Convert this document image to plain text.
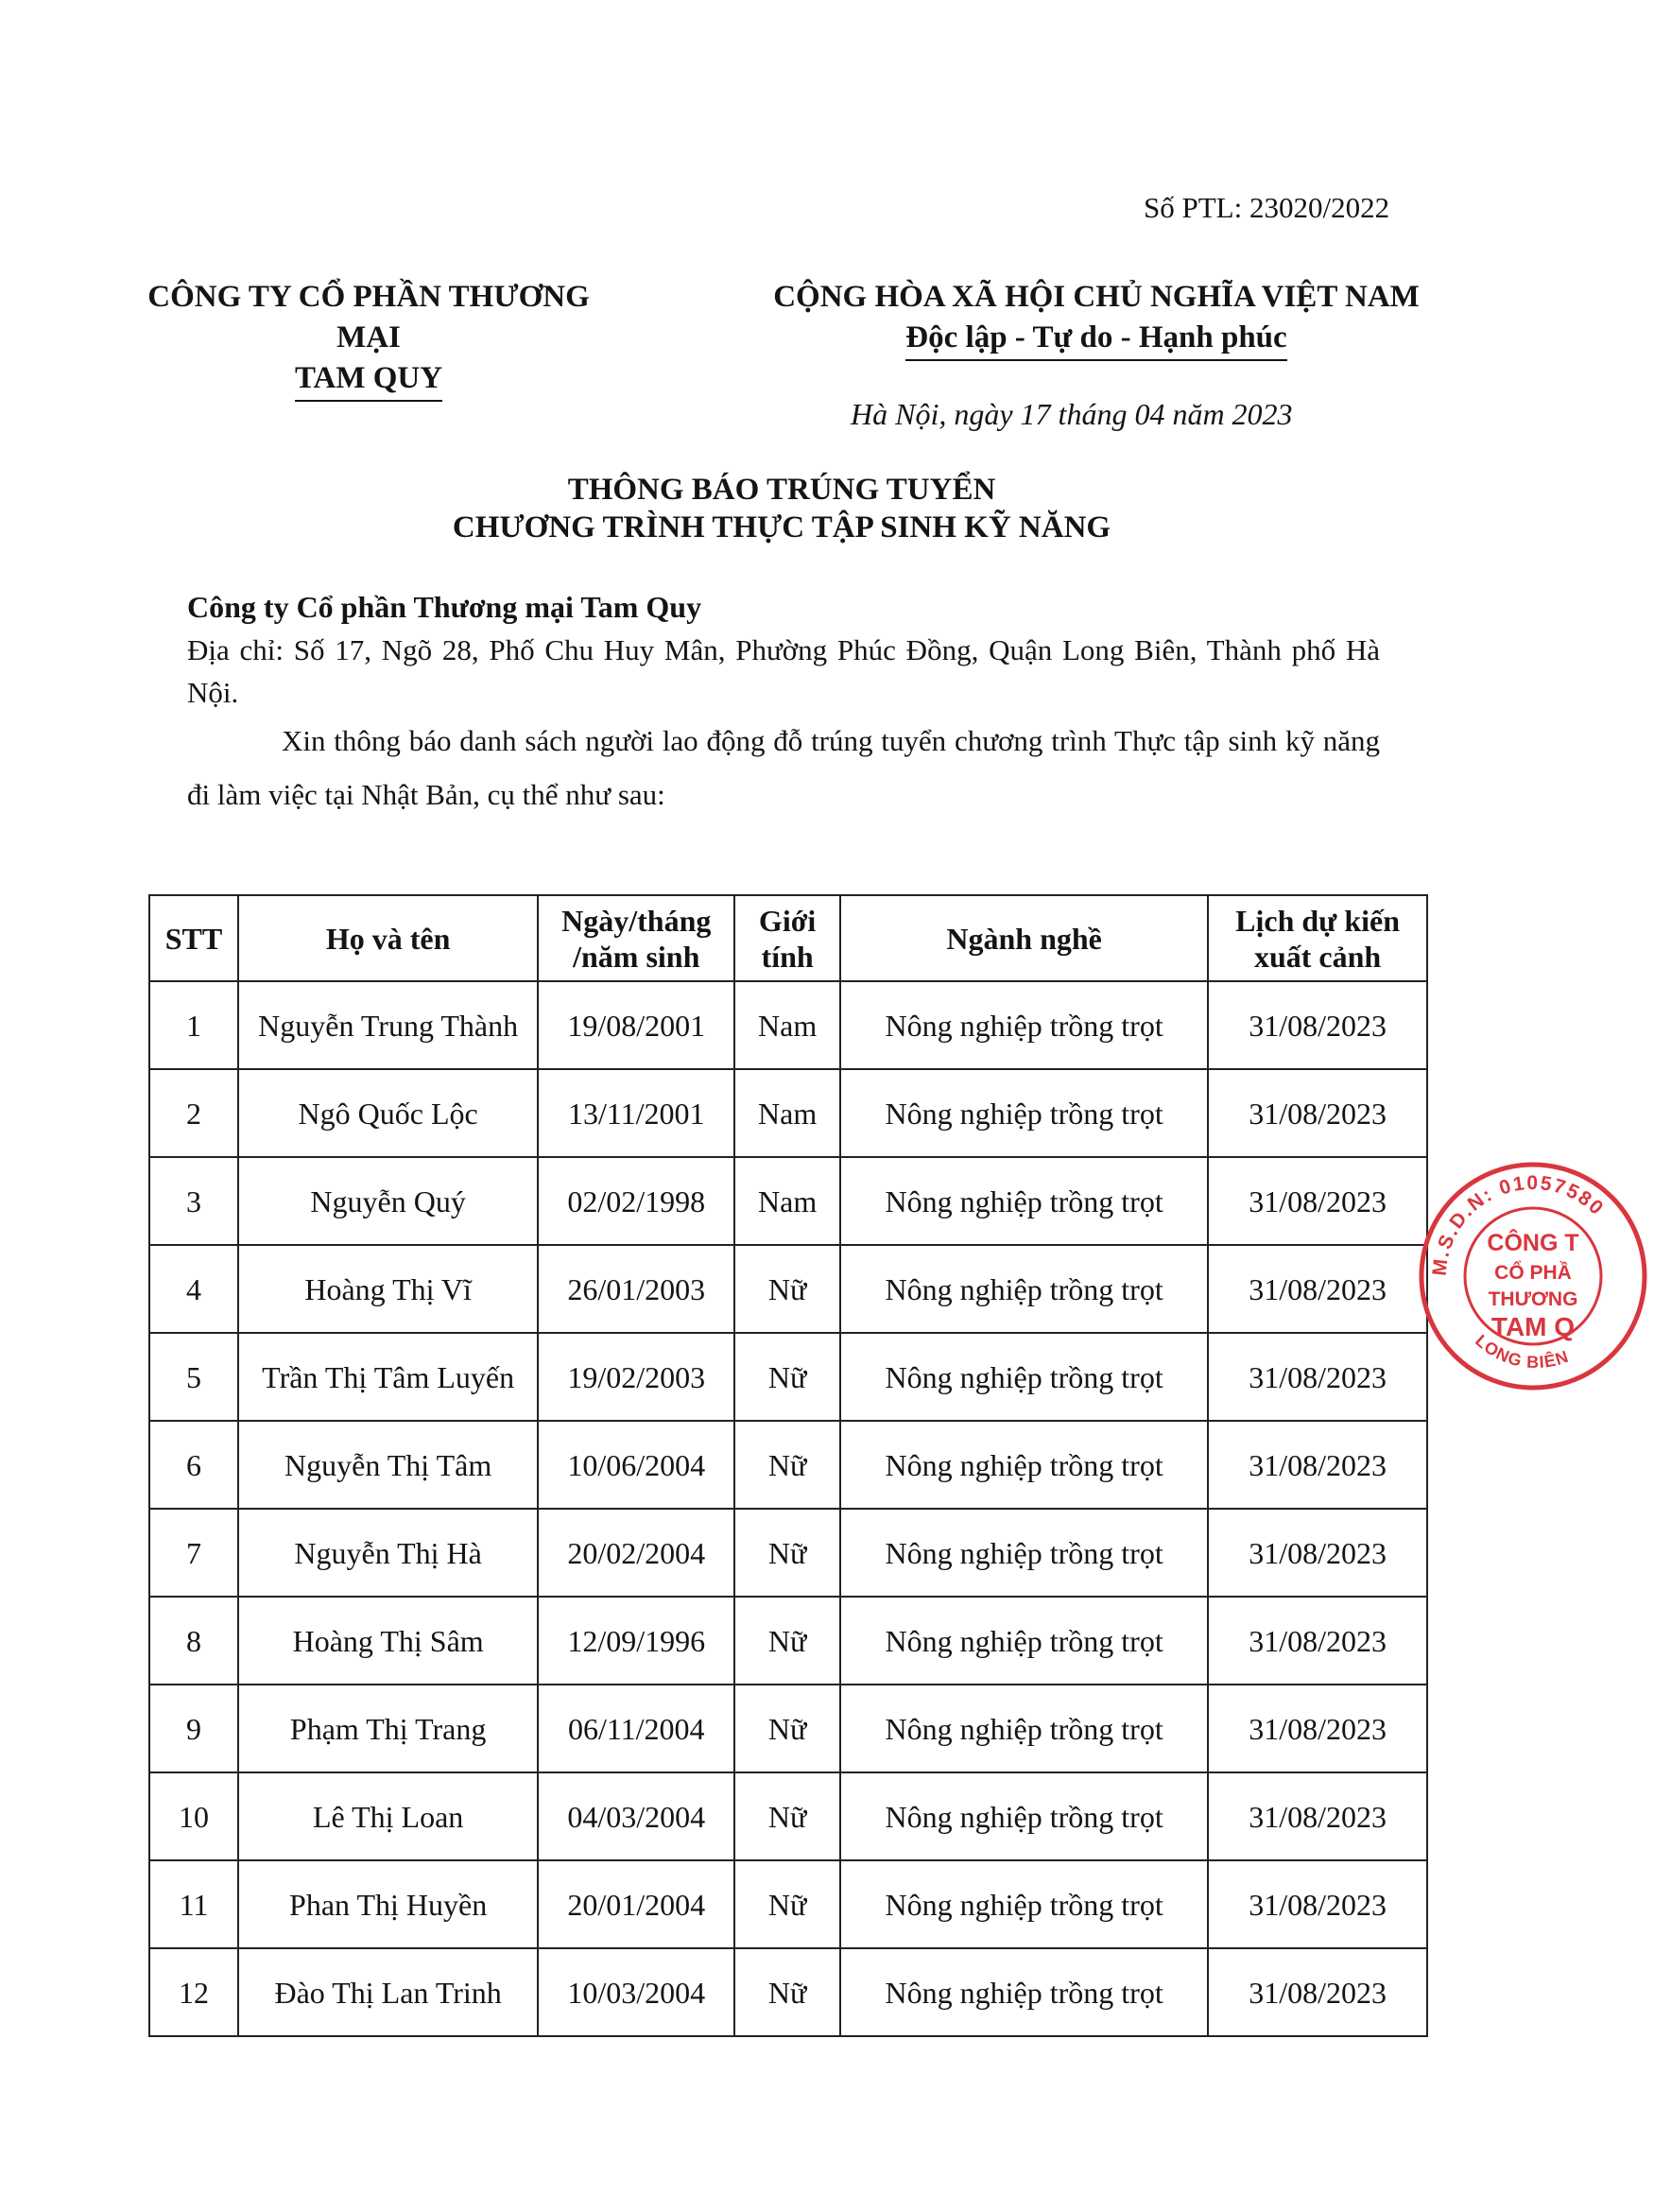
Số PTL: 23020/2022
CÔNG TY CỔ PHẦN THƯƠNG MẠI
TAM QUY
CỘNG HÒA XÃ HỘI CHỦ NGHĨA VIỆT NAM
Độc lập - Tự do - Hạnh phúc
Hà Nội, ngày 17 tháng 04 năm 2023
THÔNG BÁO TRÚNG TUYỂN
CHƯƠNG TRÌNH THỰC TẬP SINH KỸ NĂNG
Công ty Cổ phần Thương mại Tam Quy
Địa chỉ: Số 17, Ngõ 28, Phố Chu Huy Mân, Phường Phúc Đồng, Quận Long Biên, Thành phố Hà Nội.
Xin thông báo danh sách người lao động đỗ trúng tuyển chương trình Thực tập sinh kỹ năng đi làm việc tại Nhật Bản, cụ thể như sau:
STT	Họ và tên	Ngày/tháng /năm sinh	Giới tính	Ngành nghề	Lịch dự kiến xuất cảnh
1	Nguyễn Trung Thành	19/08/2001	Nam	Nông nghiệp trồng trọt	31/08/2023
2	Ngô Quốc Lộc	13/11/2001	Nam	Nông nghiệp trồng trọt	31/08/2023
3	Nguyễn Quý	02/02/1998	Nam	Nông nghiệp trồng trọt	31/08/2023
4	Hoàng Thị Vĩ	26/01/2003	Nữ	Nông nghiệp trồng trọt	31/08/2023
5	Trần Thị Tâm Luyến	19/02/2003	Nữ	Nông nghiệp trồng trọt	31/08/2023
6	Nguyễn Thị Tâm	10/06/2004	Nữ	Nông nghiệp trồng trọt	31/08/2023
7	Nguyễn Thị Hà	20/02/2004	Nữ	Nông nghiệp trồng trọt	31/08/2023
8	Hoàng Thị Sâm	12/09/1996	Nữ	Nông nghiệp trồng trọt	31/08/2023
9	Phạm Thị Trang	06/11/2004	Nữ	Nông nghiệp trồng trọt	31/08/2023
10	Lê Thị Loan	04/03/2004	Nữ	Nông nghiệp trồng trọt	31/08/2023
11	Phan Thị Huyền	20/01/2004	Nữ	Nông nghiệp trồng trọt	31/08/2023
12	Đào Thị Lan Trinh	10/03/2004	Nữ	Nông nghiệp trồng trọt	31/08/2023
M.S.D.N: 01057580
LONG BIÊN
CÔNG T
CỔ PHẦ
THƯƠNG
TAM Q
